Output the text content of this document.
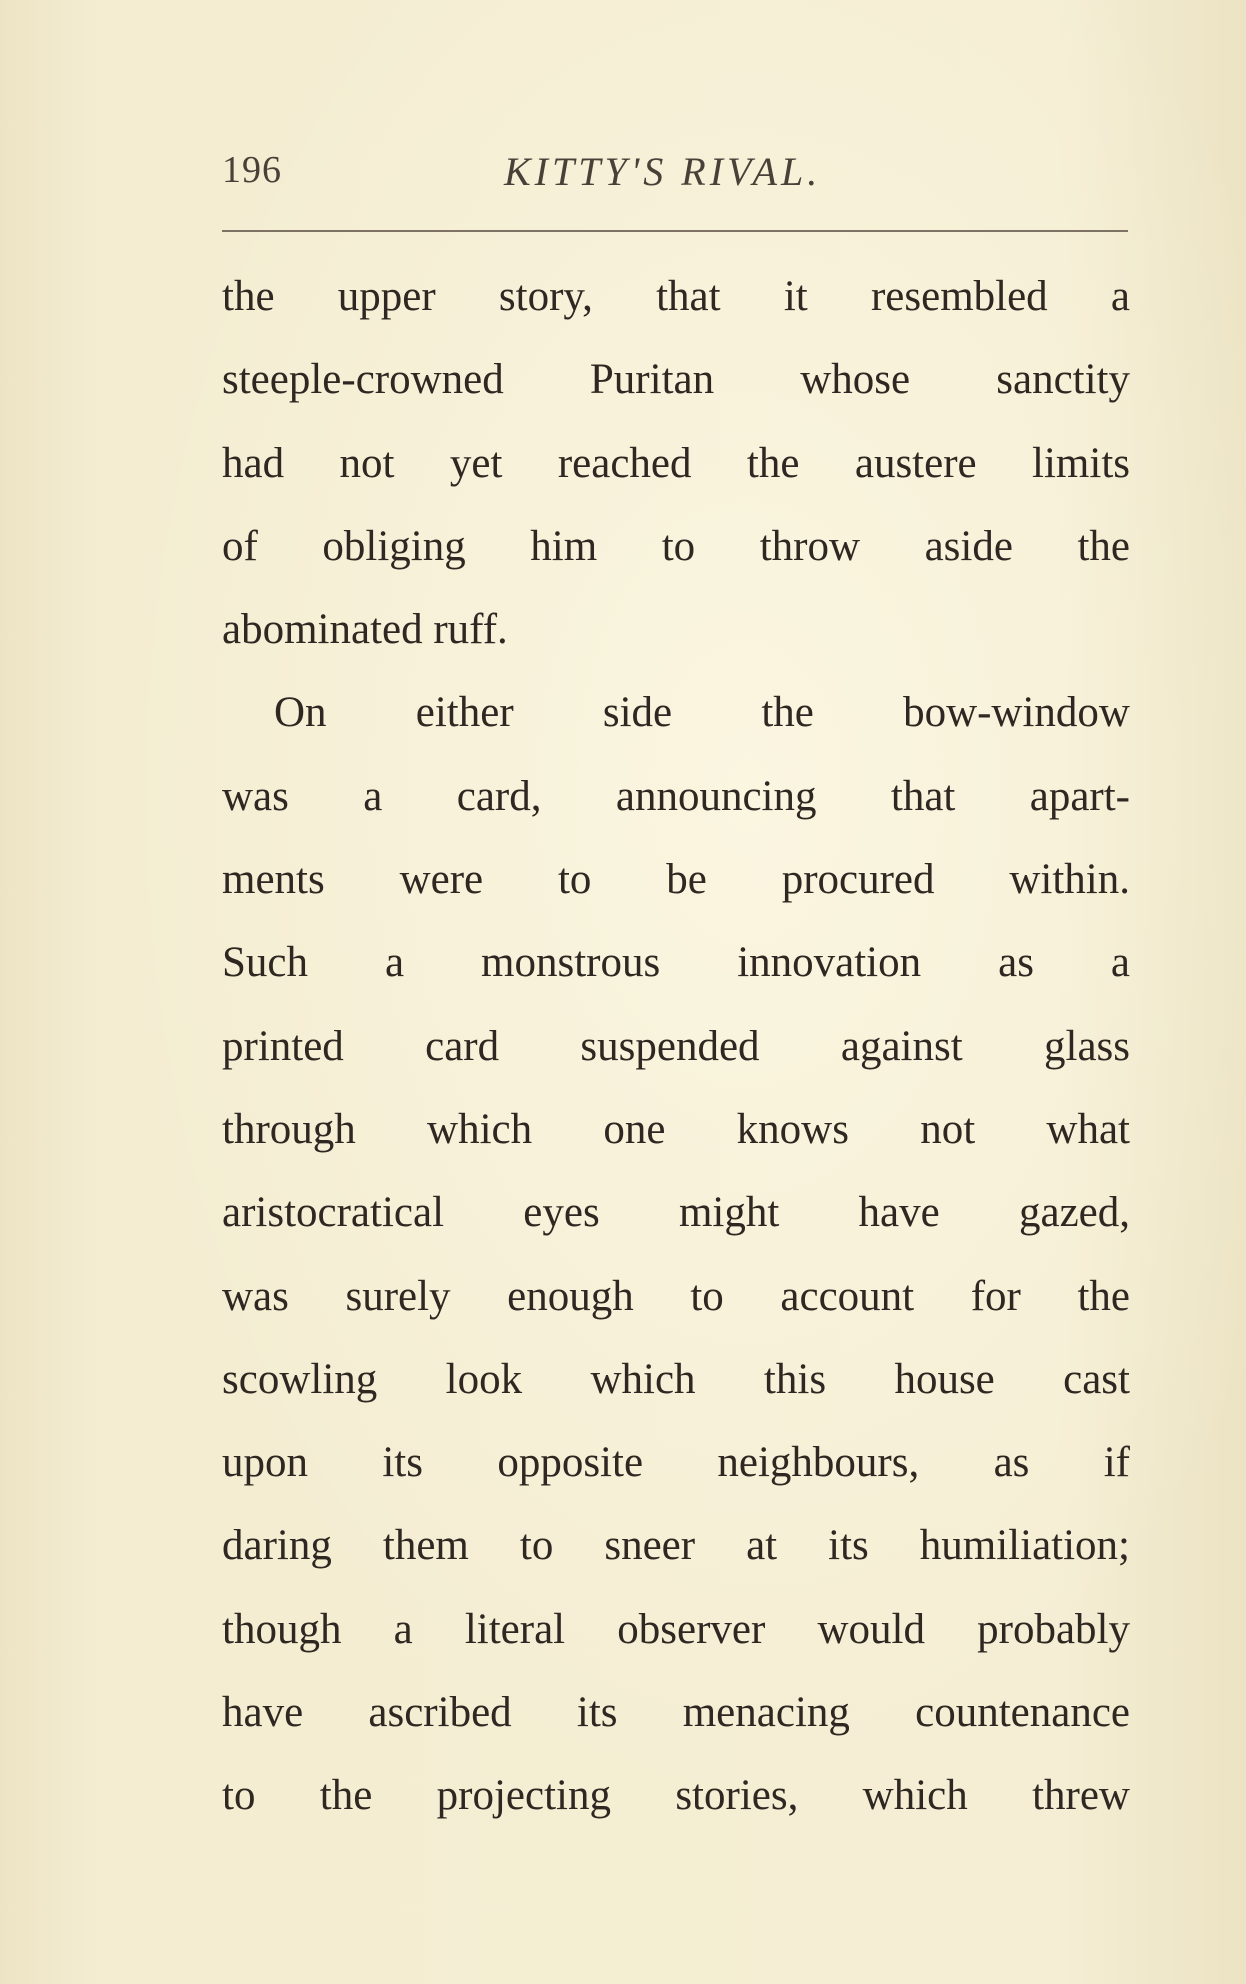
196	KITTY'S RIVAL.
the upper story, that it resembled a
steeple-crowned Puritan whose sanctity
had not yet reached the austere limits
of obliging him to throw aside the
abominated ruff.
On either side the bow-window
was a card, announcing that apart-
ments were to be procured within.
Such a monstrous innovation as a
printed card suspended against glass
through which one knows not what
aristocratical eyes might have gazed,
was surely enough to account for the
scowling look which this house cast
upon its opposite neighbours, as if
daring them to sneer at its humiliation;
though a literal observer would probably
have ascribed its menacing countenance
to the projecting stories, which threw
